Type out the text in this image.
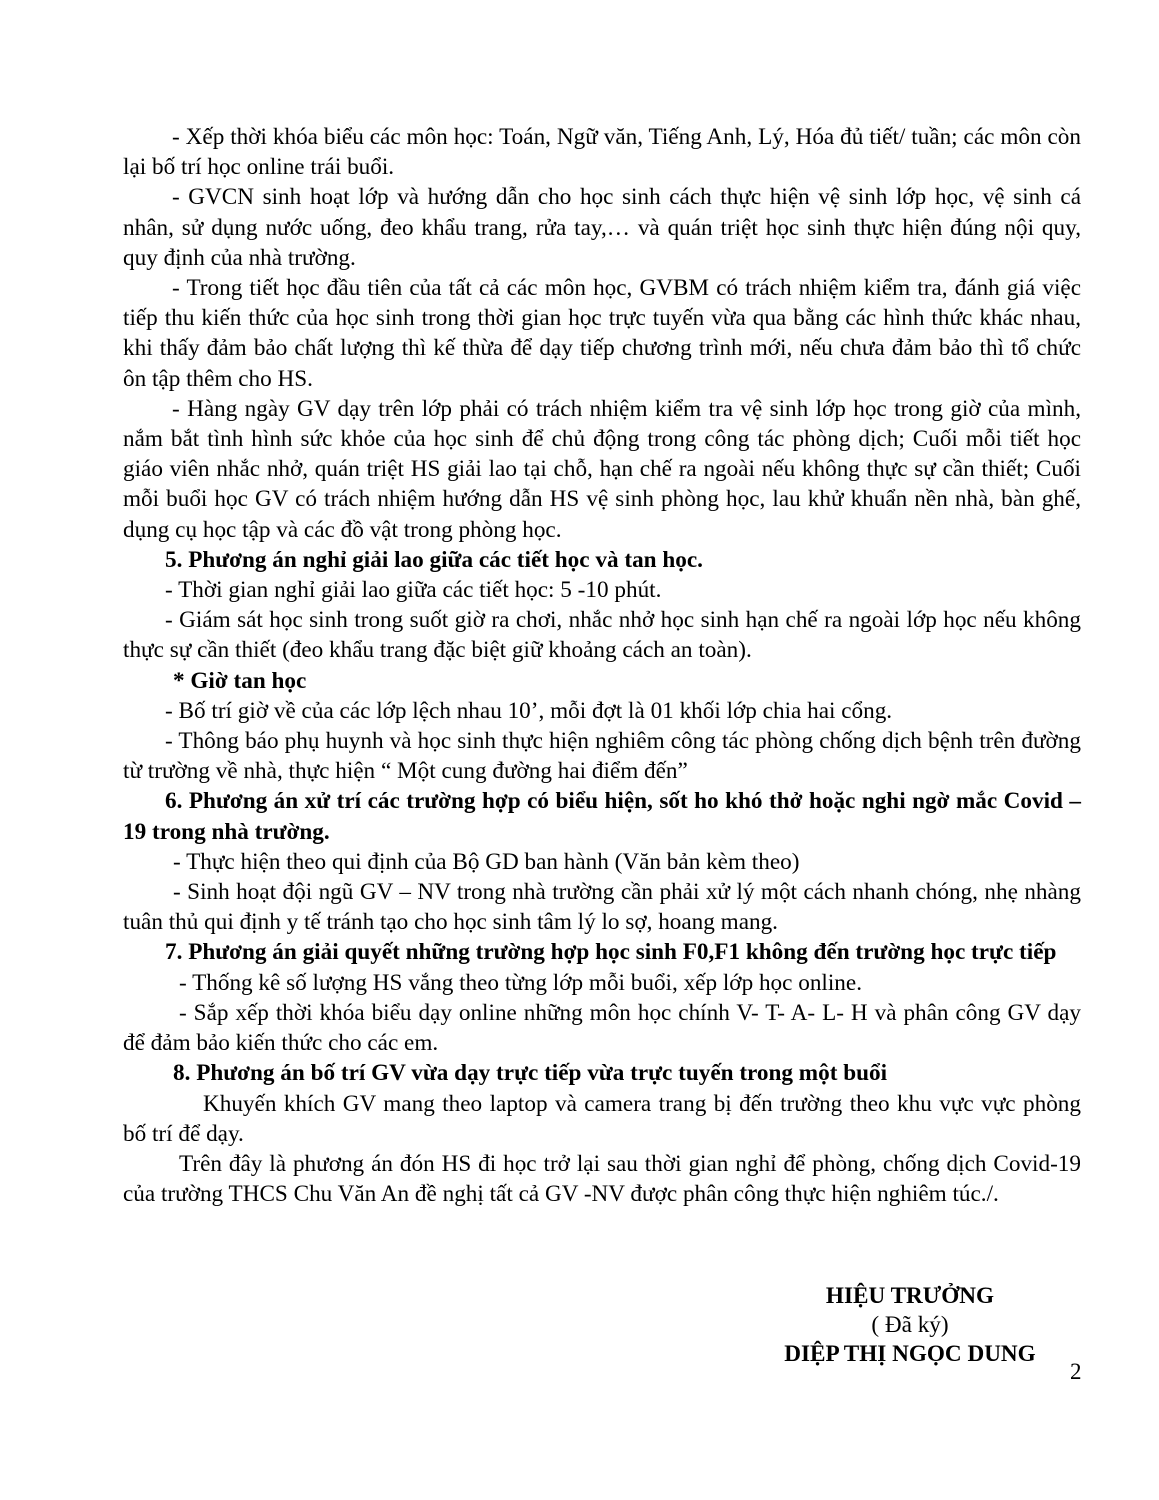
- Xếp thời khóa biểu các môn học: Toán, Ngữ văn, Tiếng Anh, Lý, Hóa đủ tiết/ tuần; các môn còn lại bố trí học online trái buổi.

- GVCN sinh hoạt lớp và hướng dẫn cho học sinh cách thực hiện vệ sinh lớp học, vệ sinh cá nhân, sử dụng nước uống, đeo khẩu trang, rửa tay,… và quán triệt học sinh thực hiện đúng nội quy, quy định của nhà trường.

- Trong tiết học đầu tiên của tất cả các môn học, GVBM có trách nhiệm kiểm tra, đánh giá việc tiếp thu kiến thức của học sinh trong thời gian học trực tuyến vừa qua bằng các hình thức khác nhau, khi thấy đảm bảo chất lượng thì kế thừa để dạy tiếp chương trình mới, nếu chưa đảm bảo thì tổ chức ôn tập thêm cho HS.

- Hàng ngày GV dạy trên lớp phải có trách nhiệm kiểm tra vệ sinh lớp học trong giờ của mình, nắm bắt tình hình sức khỏe của học sinh để chủ động trong công tác phòng dịch; Cuối mỗi tiết học giáo viên nhắc nhở, quán triệt HS giải lao tại chỗ, hạn chế ra ngoài nếu không thực sự cần thiết; Cuối mỗi buổi học GV có trách nhiệm hướng dẫn HS vệ sinh phòng học, lau khử khuẩn nền nhà, bàn ghế, dụng cụ học tập và các đồ vật trong phòng học.

5. Phương án nghỉ giải lao giữa các tiết học và tan học.

- Thời gian nghỉ giải lao giữa các tiết học: 5 -10 phút.

- Giám sát học sinh trong suốt giờ ra chơi, nhắc nhở học sinh hạn chế ra ngoài lớp học nếu không thực sự cần thiết (đeo khẩu trang đặc biệt giữ khoảng cách an toàn).

* Giờ tan học

- Bố trí giờ về của các lớp lệch nhau 10’, mỗi đợt là 01 khối lớp chia hai cổng.

- Thông báo phụ huynh và học sinh thực hiện nghiêm công tác phòng chống dịch bệnh trên đường từ trường về nhà, thực hiện “ Một cung đường hai điểm đến”

6. Phương án xử trí các trường hợp có biểu hiện, sốt ho khó thở hoặc nghi ngờ mắc Covid – 19 trong nhà trường.

- Thực hiện theo qui định của Bộ GD ban hành (Văn bản kèm theo)

- Sinh hoạt đội ngũ GV – NV trong nhà trường cần phải xử lý một cách nhanh chóng, nhẹ nhàng tuân thủ qui định y tế tránh tạo cho học sinh tâm lý lo sợ, hoang mang.

7. Phương án giải quyết những trường hợp học sinh F0,F1 không đến trường học trực tiếp

- Thống kê số lượng HS vắng theo từng lớp mỗi buổi, xếp lớp học online.

- Sắp xếp thời khóa biểu dạy online những môn học chính V- T- A- L- H và phân công GV dạy để đảm bảo kiến thức cho các em.

8. Phương án bố trí GV vừa dạy trực tiếp vừa trực tuyến trong một buổi

Khuyến khích GV mang theo laptop và camera trang bị đến trường theo khu vực vực phòng bố trí để dạy.

Trên đây là phương án đón HS đi học trở lại sau thời gian nghỉ để phòng, chống dịch Covid-19 của trường THCS Chu Văn An đề nghị tất cả GV -NV được phân công thực hiện nghiêm túc./.

HIỆU TRƯỞNG
( Đã ký)
DIỆP THỊ NGỌC DUNG
2
